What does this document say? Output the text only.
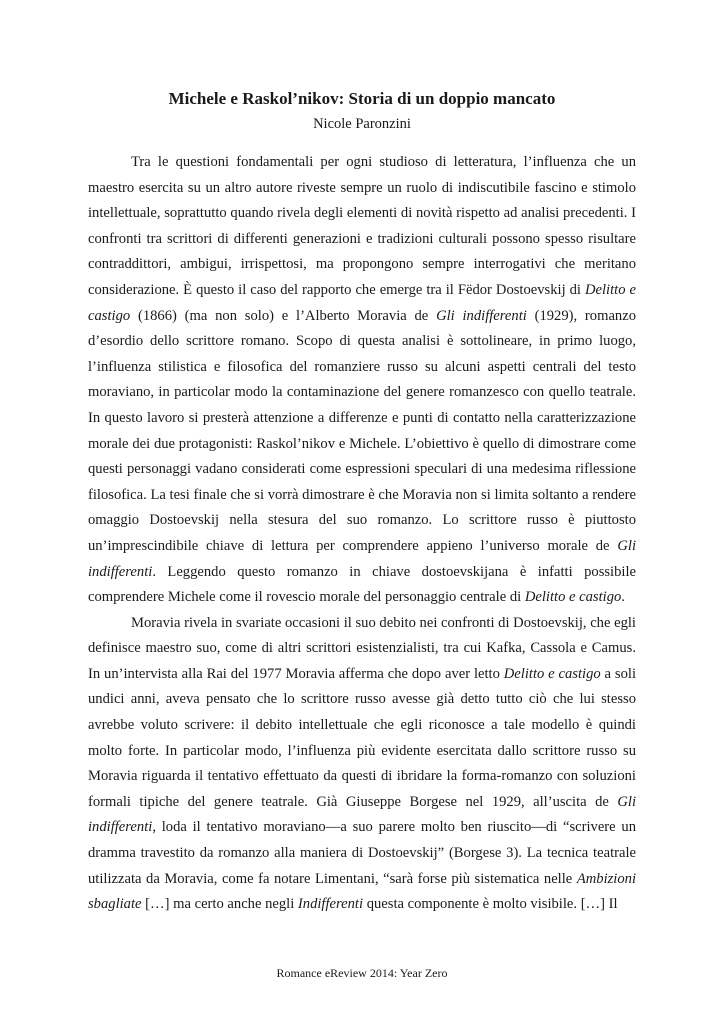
Michele e Raskol’nikov: Storia di un doppio mancato
Nicole Paronzini

Tra le questioni fondamentali per ogni studioso di letteratura, l’influenza che un maestro esercita su un altro autore riveste sempre un ruolo di indiscutibile fascino e stimolo intellettuale, soprattutto quando rivela degli elementi di novità rispetto ad analisi precedenti. I confronti tra scrittori di differenti generazioni e tradizioni culturali possono spesso risultare contraddittori, ambigui, irrispettosi, ma propongono sempre interrogativi che meritano considerazione. È questo il caso del rapporto che emerge tra il Fëdor Dostoevskij di Delitto e castigo (1866) (ma non solo) e l’Alberto Moravia de Gli indifferenti (1929), romanzo d’esordio dello scrittore romano. Scopo di questa analisi è sottolineare, in primo luogo, l’influenza stilistica e filosofica del romanziere russo su alcuni aspetti centrali del testo moraviano, in particolar modo la contaminazione del genere romanzesco con quello teatrale. In questo lavoro si presterà attenzione a differenze e punti di contatto nella caratterizzazione morale dei due protagonisti: Raskol’nikov e Michele. L’obiettivo è quello di dimostrare come questi personaggi vadano considerati come espressioni speculari di una medesima riflessione filosofica. La tesi finale che si vorrà dimostrare è che Moravia non si limita soltanto a rendere omaggio Dostoevskij nella stesura del suo romanzo. Lo scrittore russo è piuttosto un’imprescindibile chiave di lettura per comprendere appieno l’universo morale de Gli indifferenti. Leggendo questo romanzo in chiave dostoevskijana è infatti possibile comprendere Michele come il rovescio morale del personaggio centrale di Delitto e castigo.

Moravia rivela in svariate occasioni il suo debito nei confronti di Dostoevskij, che egli definisce maestro suo, come di altri scrittori esistenzialisti, tra cui Kafka, Cassola e Camus. In un’intervista alla Rai del 1977 Moravia afferma che dopo aver letto Delitto e castigo a soli undici anni, aveva pensato che lo scrittore russo avesse già detto tutto ciò che lui stesso avrebbe voluto scrivere: il debito intellettuale che egli riconosce a tale modello è quindi molto forte. In particolar modo, l’influenza più evidente esercitata dallo scrittore russo su Moravia riguarda il tentativo effettuato da questi di ibridare la forma-romanzo con soluzioni formali tipiche del genere teatrale. Già Giuseppe Borgese nel 1929, all’uscita de Gli indifferenti, loda il tentativo moraviano—a suo parere molto ben riuscito—di “scrivere un dramma travestito da romanzo alla maniera di Dostoevskij” (Borgese 3). La tecnica teatrale utilizzata da Moravia, come fa notare Limentani, “sarà forse più sistematica nelle Ambizioni sbagliate […] ma certo anche negli Indifferenti questa componente è molto visibile. […] Il

Romance eReview 2014: Year Zero
